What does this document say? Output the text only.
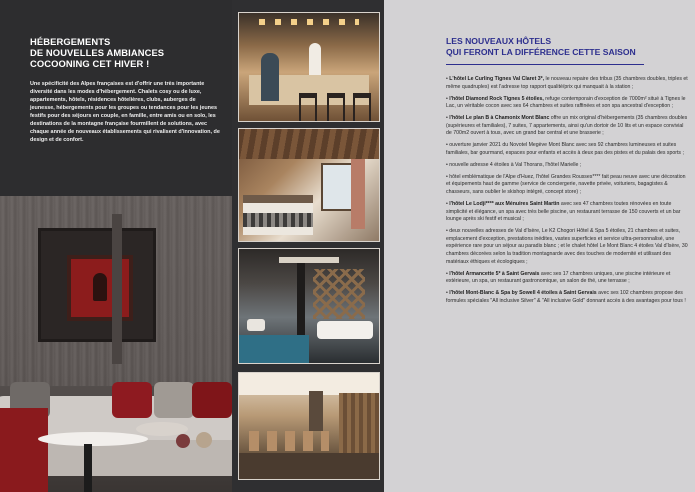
HÉBERGEMENTS
DE NOUVELLES AMBIANCES
COCOONING CET HIVER !
Une spécificité des Alpes françaises est d'offrir une très importante diversité dans les modes d'hébergement. Chalets cosy ou de luxe, appartements, hôtels, résidences hôtelières, clubs, auberges de jeunesse, hébergements pour les groupes ou tendances pour les jeunes festifs pour des séjours en couple, en famille, entre amis ou en solo, les destinations de la montagne française fourmillent de solutions, avec chaque année de nouveaux établissements qui rivalisent d'innovation, de design et de confort.
LES NOUVEAUX HÔTELS
QUI FERONT LA DIFFÉRENCE CETTE SAISON
• L'hôtel Le Curling Tignes Val Claret 3*, le nouveau repaire des tribus (35 chambres doubles, triples et même quadruples) est l'adresse top rapport qualité/prix qui manquait à la station ;
• l'hôtel Diamond Rock Tignes 5 étoiles, refuge contemporain d'exception de 7000m² situé à Tignes le Lac, un véritable cocon avec ses 64 chambres et suites raffinées et son spa ancestral d'exception ;
• l'hôtel Le plan B à Chamonix Mont Blanc offre un mix original d'hébergements (35 chambres doubles (supérieures et familiales), 7 suites, 7 appartements, ainsi qu'un dortoir de 10 lits et un espace convivial de 700m2 ouvert à tous, avec un grand bar central et une brasserie ;
• ouverture janvier 2021 du Novotel Megève Mont Blanc avec ses 92 chambres lumineuses et suites familiales, bar gourmand, espaces pour enfants et accès à deux pas des pistes et du palais des sports ;
• nouvelle adresse 4 étoiles à Val Thorans, l'hôtel Marielle ;
• hôtel emblématique de l'Alpe d'Huez, l'hôtel Grandes Rousses**** fait peau neuve avec une décoration et équipements haut de gamme (service de conciergerie, navette privée, voituriers, bagagistes & chasseurs, sans oublier le skishop intégré, concept store) ;
• l'hôtel Le Lodji**** aux Ménuires Saint Martin avec ses 47 chambres toutes rénovées en toute simplicité et élégance, un spa avec très belle piscine, un restaurant terrasse de 150 couverts et un bar lounge après ski festif et musical ;
• deux nouvelles adresses de Val d'Isère, Le K2 Chogori Hôtel & Spa 5 étoiles, 21 chambres et suites, emplacement d'exception, prestations inédites, vastes superficies et service ultra-personnalisé, une expérience rare pour un séjour au paradis blanc ; et le chalet hôtel Le Mont Blanc 4 étoiles Val d'Isère, 30 chambres décorées selon la tradition montagnarde avec des touches de modernité et utilisant des matériaux éthiques et écologiques ;
• l'hôtel Armancette 5* à Saint Gervais avec ses 17 chambres uniques, une piscine intérieure et extérieure, un spa, un restaurant gastronomique, un salon de thé, une terrasse ;
• l'hôtel Mont-Blanc & Spa by Sowell 4 étoiles à Saint Gervais avec ses 102 chambres propose des formules spéciales "All inclusive Silver" & "All inclusive Gold" donnant accès à des avantages pour tous !
